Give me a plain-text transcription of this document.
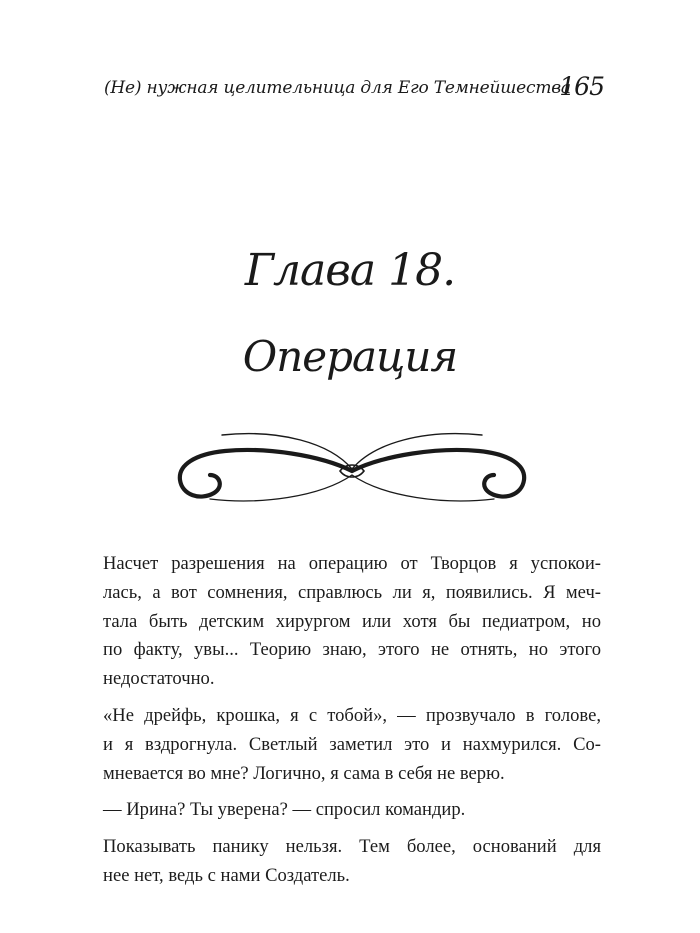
(Не) нужная целительница для Его Темнейшества
165
Глава 18.
Операция

Насчет разрешения на операцию от Творцов я успокои-
лась, а вот сомнения, справлюсь ли я, появились. Я меч-
тала быть детским хирургом или хотя бы педиатром, но
по факту, увы... Теорию знаю, этого не отнять, но этого
недостаточно.

«Не дрейфь, крошка, я с тобой», — прозвучало в голове,
и я вздрогнула. Светлый заметил это и нахмурился. Со-
мневается во мне? Логично, я сама в себя не верю.

— Ирина? Ты уверена? — спросил командир.

Показывать панику нельзя. Тем более, оснований для
нее нет, ведь с нами Создатель.
